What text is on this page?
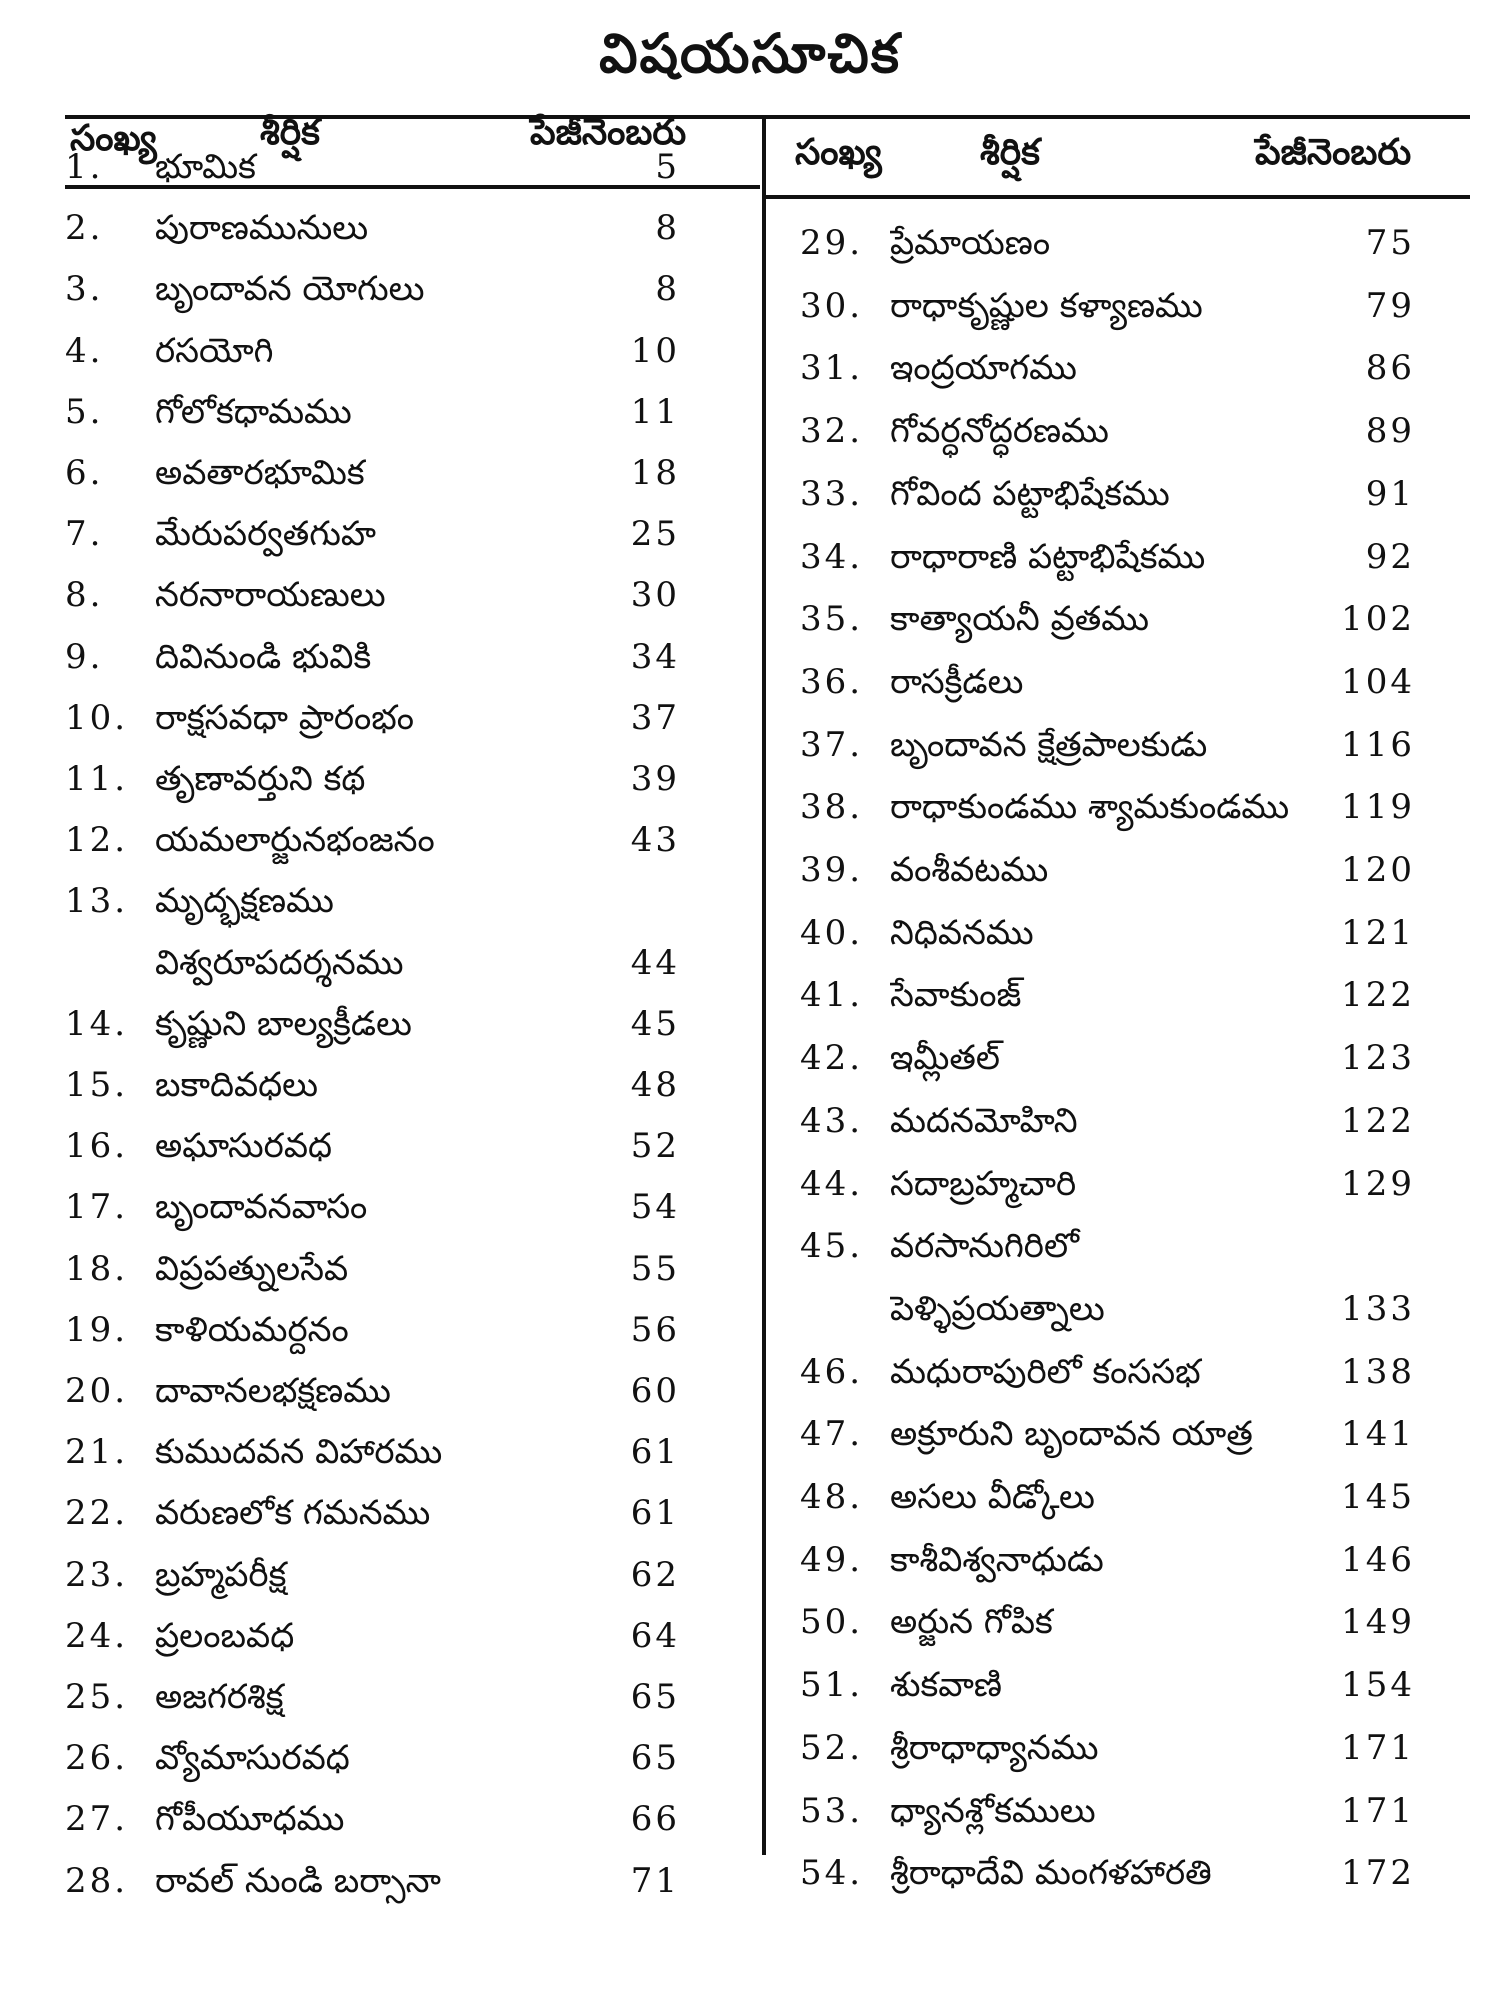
విషయసూచిక
సంఖ్య	శీర్షిక	పేజీనెంబరు	సంఖ్య	శీర్షిక	పేజీనెంబరు
1. భూమిక	5
2. పురాణమునులు	8
3. బృందావన యోగులు	8
4. రసయోగి	10
5. గోలోకధామము	11
6. అవతారభూమిక	18
7. మేరుపర్వతగుహ	25
8. నరనారాయణులు	30
9. దివినుండి భువికి	34
10. రాక్షసవధా ప్రారంభం	37
11. తృణావర్తుని కథ	39
12. యమలార్జునభంజనం	43
13. మృద్భక్షణము
విశ్వరూపదర్శనము	44
14. కృష్ణుని బాల్యక్రీడలు	45
15. బకాదివధలు	48
16. అఘాసురవధ	52
17. బృందావనవాసం	54
18. విప్రపత్నులసేవ	55
19. కాళియమర్దనం	56
20. దావానలభక్షణము	60
21. కుముదవన విహారము	61
22. వరుణలోక గమనము	61
23. బ్రహ్మపరీక్ష	62
24. ప్రలంబవధ	64
25. అజగరశిక్ష	65
26. వ్యోమాసురవధ	65
27. గోపీయూధము	66
28. రావల్ నుండి బర్సానా	71
29. ప్రేమాయణం	75
30. రాధాకృష్ణుల కళ్యాణము	79
31. ఇంద్రయాగము	86
32. గోవర్ధనోద్ధరణము	89
33. గోవింద పట్టాభిషేకము	91
34. రాధారాణి పట్టాభిషేకము	92
35. కాత్యాయనీ వ్రతము	102
36. రాసక్రీడలు	104
37. బృందావన క్షేత్రపాలకుడు	116
38. రాధాకుండము శ్యామకుండము	119
39. వంశీవటము	120
40. నిధివనము	121
41. సేవాకుంజ్	122
42. ఇమ్లీతల్	123
43. మదనమోహిని	122
44. సదాబ్రహ్మచారి	129
45. వరసానుగిరిలో
పెళ్ళిప్రయత్నాలు	133
46. మధురాపురిలో కంససభ	138
47. అక్రూరుని బృందావన యాత్ర	141
48. అసలు వీడ్కోలు	145
49. కాశీవిశ్వనాధుడు	146
50. అర్జున గోపిక	149
51. శుకవాణి	154
52. శ్రీరాధాధ్యానము	171
53. ధ్యానశ్లోకములు	171
54. శ్రీరాధాదేవి మంగళహారతి	172
